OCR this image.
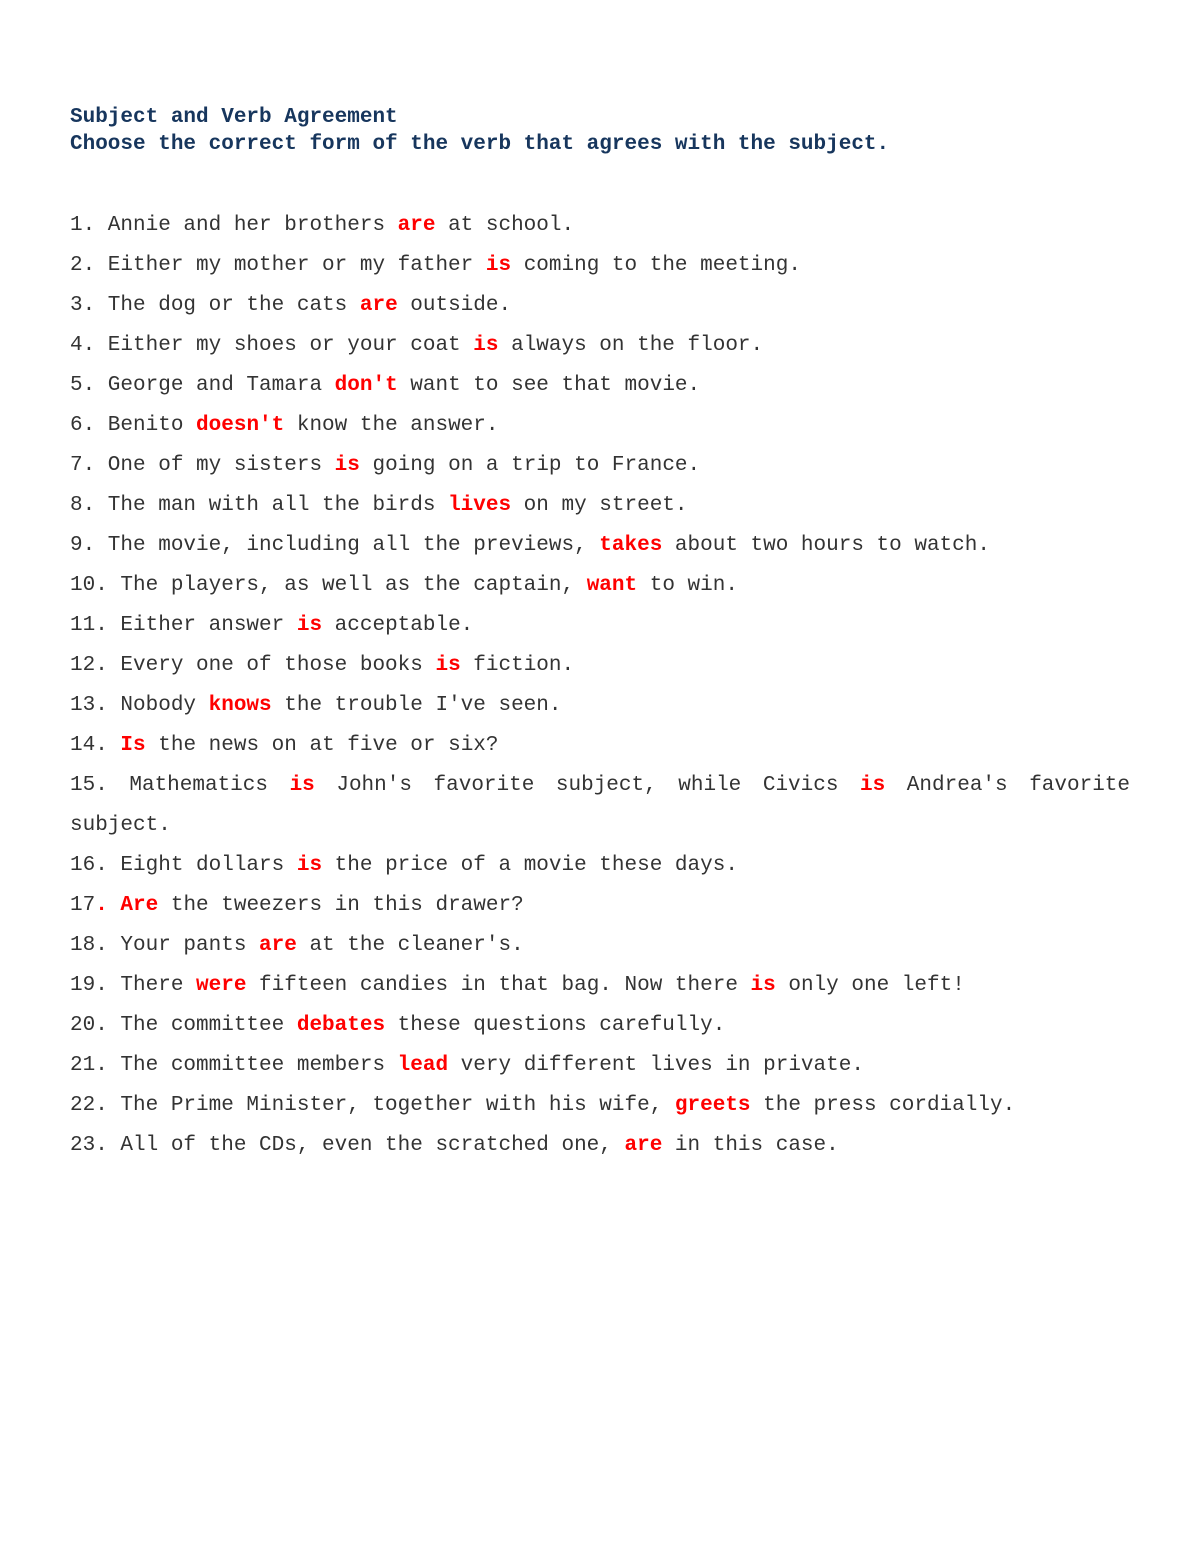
Subject and Verb Agreement
Choose the correct form of the verb that agrees with the subject.
1. Annie and her brothers are at school.
2. Either my mother or my father is coming to the meeting.
3. The dog or the cats are outside.
4. Either my shoes or your coat is always on the floor.
5. George and Tamara don't want to see that movie.
6. Benito doesn't know the answer.
7. One of my sisters is going on a trip to France.
8. The man with all the birds lives on my street.
9. The movie, including all the previews, takes about two hours to watch.
10. The players, as well as the captain, want to win.
11. Either answer is acceptable.
12. Every one of those books is fiction.
13. Nobody knows the trouble I've seen.
14. Is the news on at five or six?
15. Mathematics is John's favorite subject, while Civics is Andrea's favorite subject.
16. Eight dollars is the price of a movie these days.
17. Are the tweezers in this drawer?
18. Your pants are at the cleaner's.
19. There were fifteen candies in that bag. Now there is only one left!
20. The committee debates these questions carefully.
21. The committee members lead very different lives in private.
22. The Prime Minister, together with his wife, greets the press cordially.
23. All of the CDs, even the scratched one, are in this case.
